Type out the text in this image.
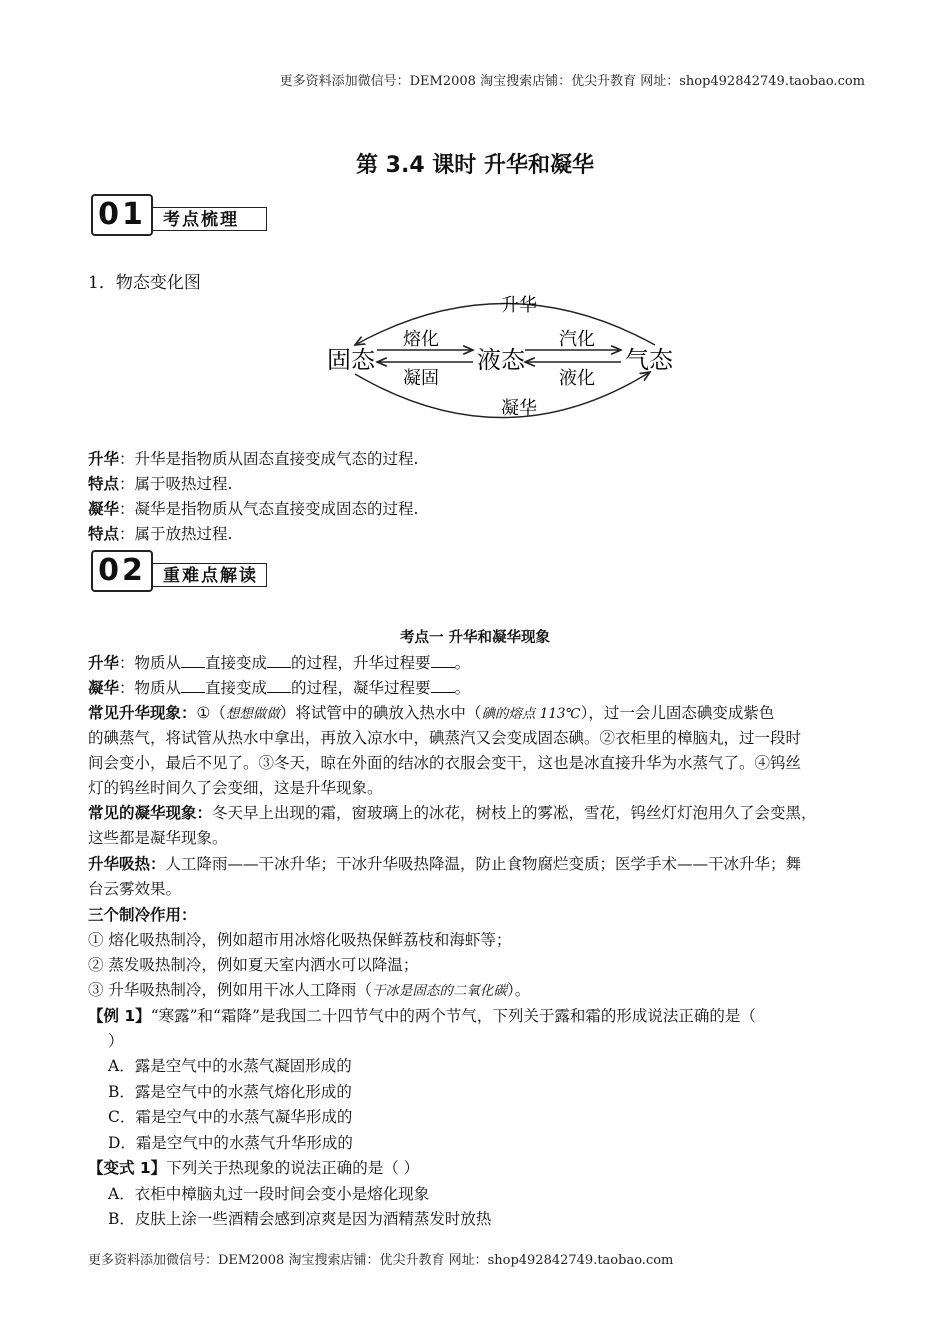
更多资料添加微信号：DEM2008 淘宝搜索店铺：优尖升教育 网址：shop492842749.taobao.com
第 3.4 课时 升华和凝华
01	考点梳理
1．物态变化图
固态	液态	气态
升华
熔化
凝固
汽化
液化
凝华
升华：升华是指物质从固态直接变成气态的过程.
特点：属于吸热过程.
凝华：凝华是指物质从气态直接变成固态的过程.
特点：属于放热过程.
02	重难点解读
考点一 升华和凝华现象
升华：物质从 直接变成 的过程，升华过程要 。
凝华：物质从 直接变成 的过程，凝华过程要 。
常见升华现象：①（想想做做）将试管中的碘放入热水中（碘的熔点 113℃），过一会儿固态碘变成紫色
的碘蒸气，将试管从热水中拿出，再放入凉水中，碘蒸汽又会变成固态碘。②衣柜里的樟脑丸，过一段时
间会变小，最后不见了。③冬天，晾在外面的结冰的衣服会变干，这也是冰直接升华为水蒸气了。④钨丝
灯的钨丝时间久了会变细，这是升华现象。
常见的凝华现象：冬天早上出现的霜，窗玻璃上的冰花，树枝上的雾凇，雪花，钨丝灯灯泡用久了会变黑，
这些都是凝华现象。
升华吸热：人工降雨——干冰升华；干冰升华吸热降温，防止食物腐烂变质；医学手术——干冰升华；舞
台云雾效果。
三个制冷作用：
① 熔化吸热制冷，例如超市用冰熔化吸热保鲜荔枝和海虾等；
② 蒸发吸热制冷，例如夏天室内洒水可以降温；
③ 升华吸热制冷，例如用干冰人工降雨（干冰是固态的二氧化碳）。
【例 1】“寒露”和“霜降”是我国二十四节气中的两个节气，下列关于露和霜的形成说法正确的是（
）
A．露是空气中的水蒸气凝固形成的
B．露是空气中的水蒸气熔化形成的
C．霜是空气中的水蒸气凝华形成的
D．霜是空气中的水蒸气升华形成的
【变式 1】下列关于热现象的说法正确的是（ ）
A．衣柜中樟脑丸过一段时间会变小是熔化现象
B．皮肤上涂一些酒精会感到凉爽是因为酒精蒸发时放热
更多资料添加微信号：DEM2008 淘宝搜索店铺：优尖升教育 网址：shop492842749.taobao.com
